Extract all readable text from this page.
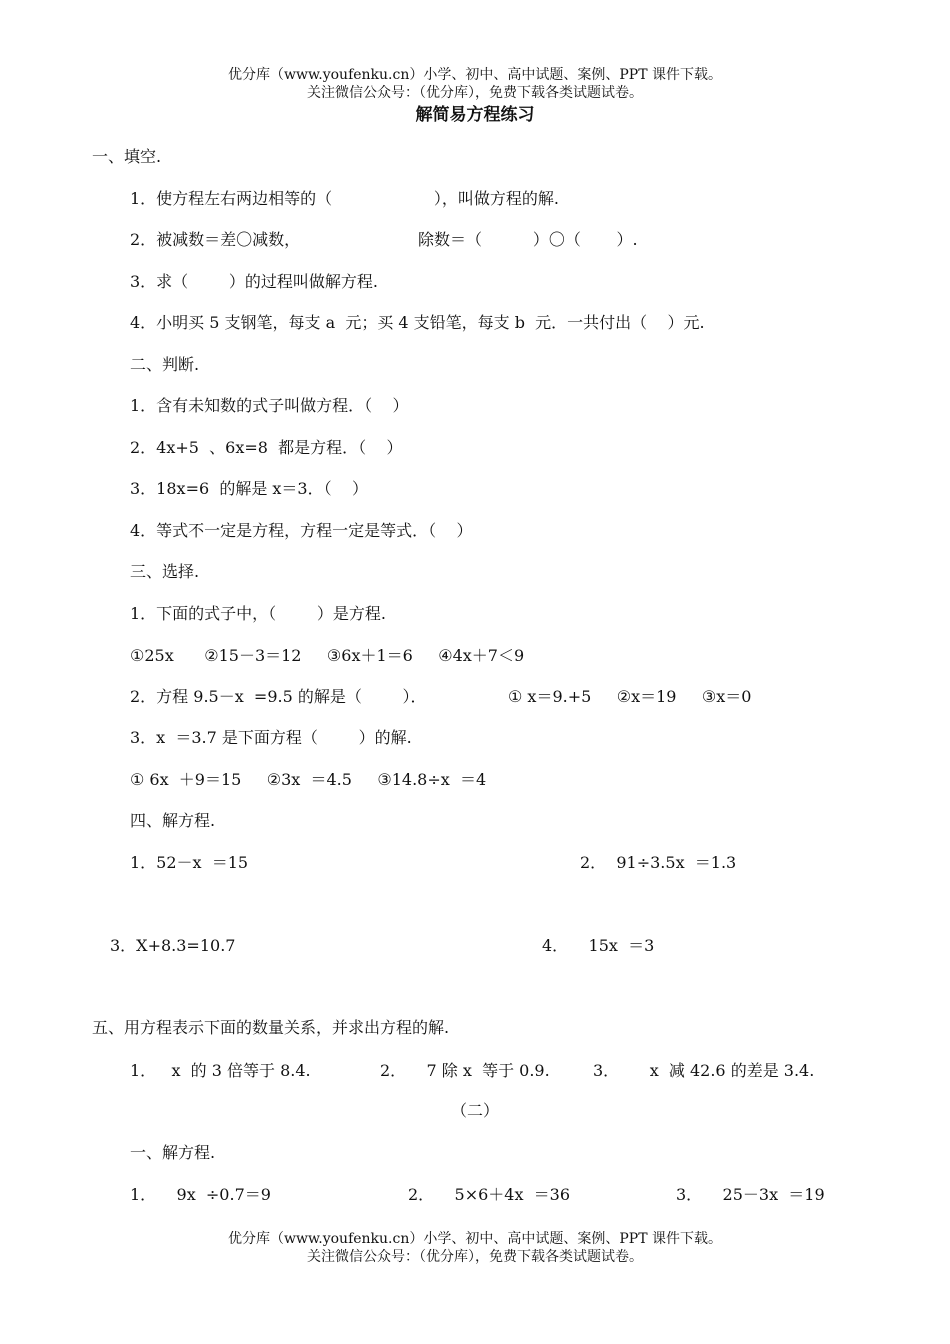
优分库（www.youfenku.cn）小学、初中、高中试题、案例、PPT 课件下载。
关注微信公众号：（优分库），免费下载各类试题试卷。
解简易方程练习
一、填空.
1．使方程左右两边相等的（                    ），叫做方程的解.
2．被减数＝差〇减数，	除数＝（          ）〇（       ）.
3．求（        ）的过程叫做解方程.
4．小明买 5 支钢笔，每支 a  元；买 4 支铅笔，每支 b  元．一共付出（    ）元.
二、判断.
1．含有未知数的式子叫做方程．（    ）
2．4x+5  、6x=8  都是方程．（    ）
3．18x=6  的解是 x＝3．（    ）
4．等式不一定是方程，方程一定是等式．（    ）
三、选择.
1．下面的式子中，（        ）是方程.
①25x      ②15－3＝12     ③6x＋1＝6     ④4x＋7＜9
2．方程 9.5－x  =9.5 的解是（        ）．	① x＝9.+5     ②x＝19     ③x＝0
3．x  ＝3.7 是下面方程（        ）的解.
① 6x  ＋9＝15     ②3x  ＝4.5     ③14.8÷x  ＝4
四、解方程.
1．52－x  ＝15	2．  91÷3.5x  ＝1.3
3．X+8.3=10.7	4．    15x  ＝3
五、用方程表示下面的数量关系，并求出方程的解.
1．   x  的 3 倍等于 8.4.	2．    7 除 x  等于 0.9.	3．      x  减 42.6 的差是 3.4.
（二）
一、解方程.
1．    9x  ÷0.7＝9	2．    5×6＋4x  ＝36	3．    25－3x  ＝19
优分库（www.youfenku.cn）小学、初中、高中试题、案例、PPT 课件下载。
关注微信公众号：（优分库），免费下载各类试题试卷。
